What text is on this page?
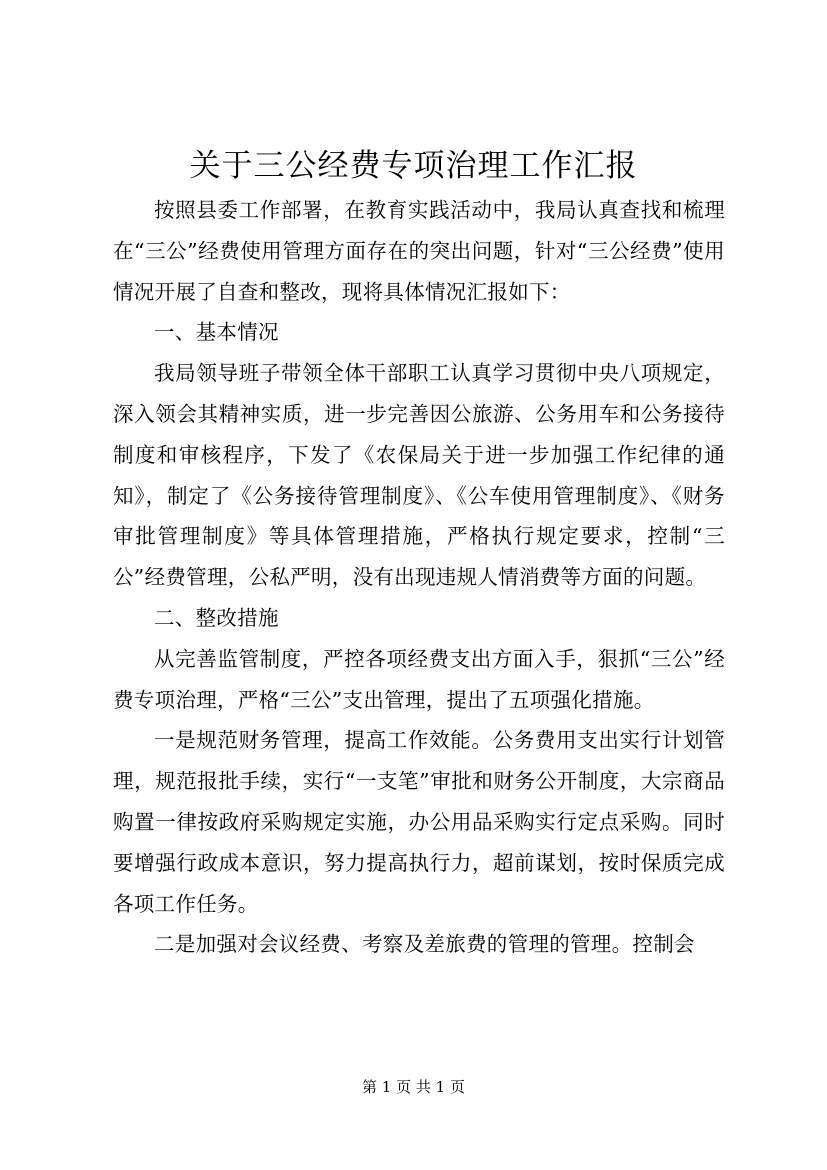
关于三公经费专项治理工作汇报

按照县委工作部署，在教育实践活动中，我局认真查找和梳理在“三公”经费使用管理方面存在的突出问题，针对“三公经费”使用情况开展了自查和整改，现将具体情况汇报如下：

一、基本情况

我局领导班子带领全体干部职工认真学习贯彻中央八项规定，深入领会其精神实质，进一步完善因公旅游、公务用车和公务接待制度和审核程序，下发了《农保局关于进一步加强工作纪律的通知》，制定了《公务接待管理制度》、《公车使用管理制度》、《财务审批管理制度》等具体管理措施，严格执行规定要求，控制“三公”经费管理，公私严明，没有出现违规人情消费等方面的问题。

二、整改措施

从完善监管制度，严控各项经费支出方面入手，狠抓“三公”经费专项治理，严格“三公”支出管理，提出了五项强化措施。

一是规范财务管理，提高工作效能。公务费用支出实行计划管理，规范报批手续，实行“一支笔”审批和财务公开制度，大宗商品购置一律按政府采购规定实施，办公用品采购实行定点采购。同时要增强行政成本意识，努力提高执行力，超前谋划，按时保质完成各项工作任务。

二是加强对会议经费、考察及差旅费的管理的管理。控制会

第 1 页 共 1 页
